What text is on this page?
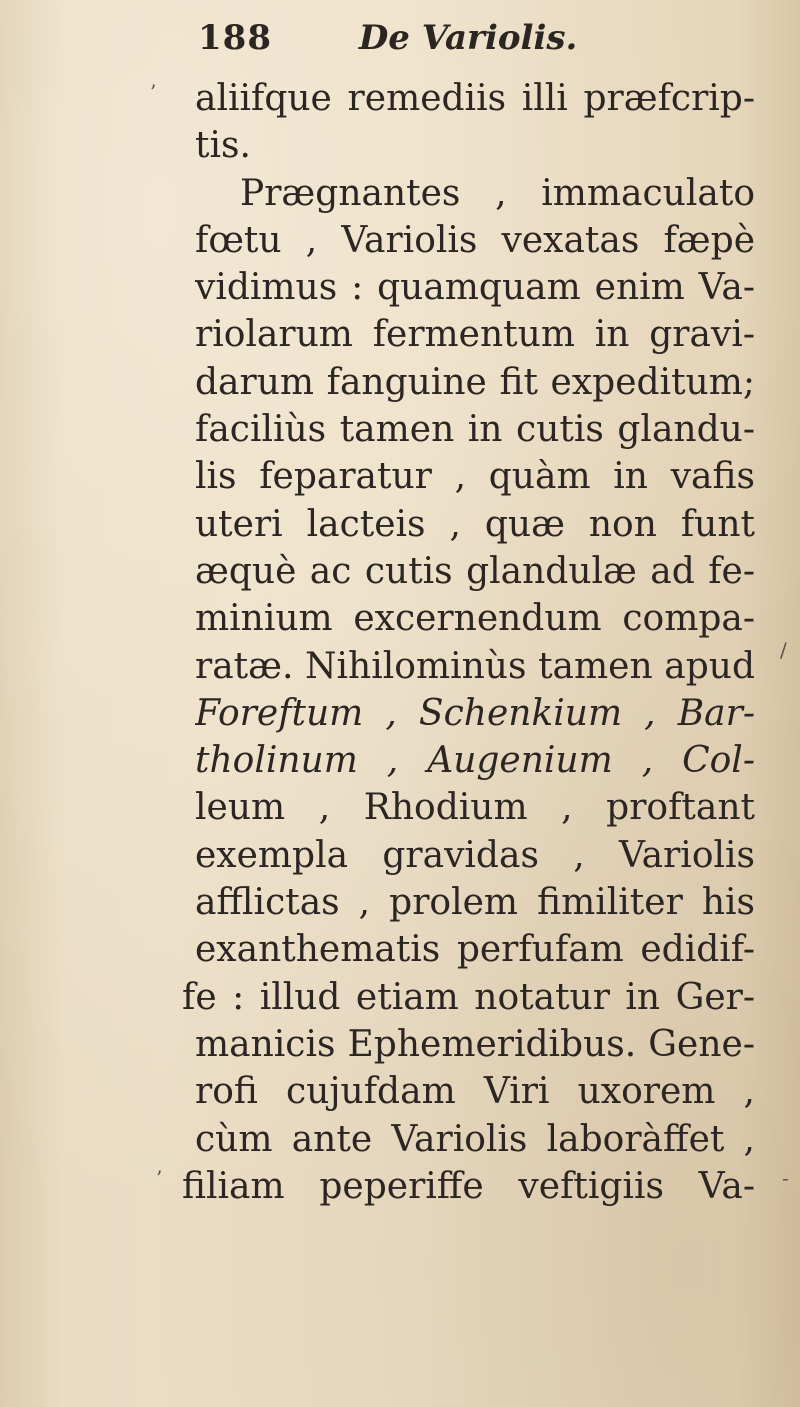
188	De Variolis.
’
/
’	-
aliifque remediis illi præfcrip-
tis.
Prægnantes , immaculato
fœtu , Variolis vexatas fæpè
vidimus : quamquam enim Va-
riolarum fermentum in gravi-
darum fanguine fit expeditum;
faciliùs tamen in cutis glandu-
lis feparatur , quàm in vafis
uteri lacteis , quæ non funt
æquè ac cutis glandulæ ad fe-
minium excernendum compa-
ratæ. Nihilominùs tamen apud
Foreftum , Schenkium , Bar-
tholinum , Augenium , Col-
leum , Rhodium , proftant
exempla gravidas , Variolis
afflictas , prolem fimiliter his
exanthematis perfufam edidif-
fe : illud etiam notatur in Ger-
manicis Ephemeridibus. Gene-
rofi cujufdam Viri uxorem ,
cùm ante Variolis laboràffet ,
filiam peperiffe veftigiis Va-
